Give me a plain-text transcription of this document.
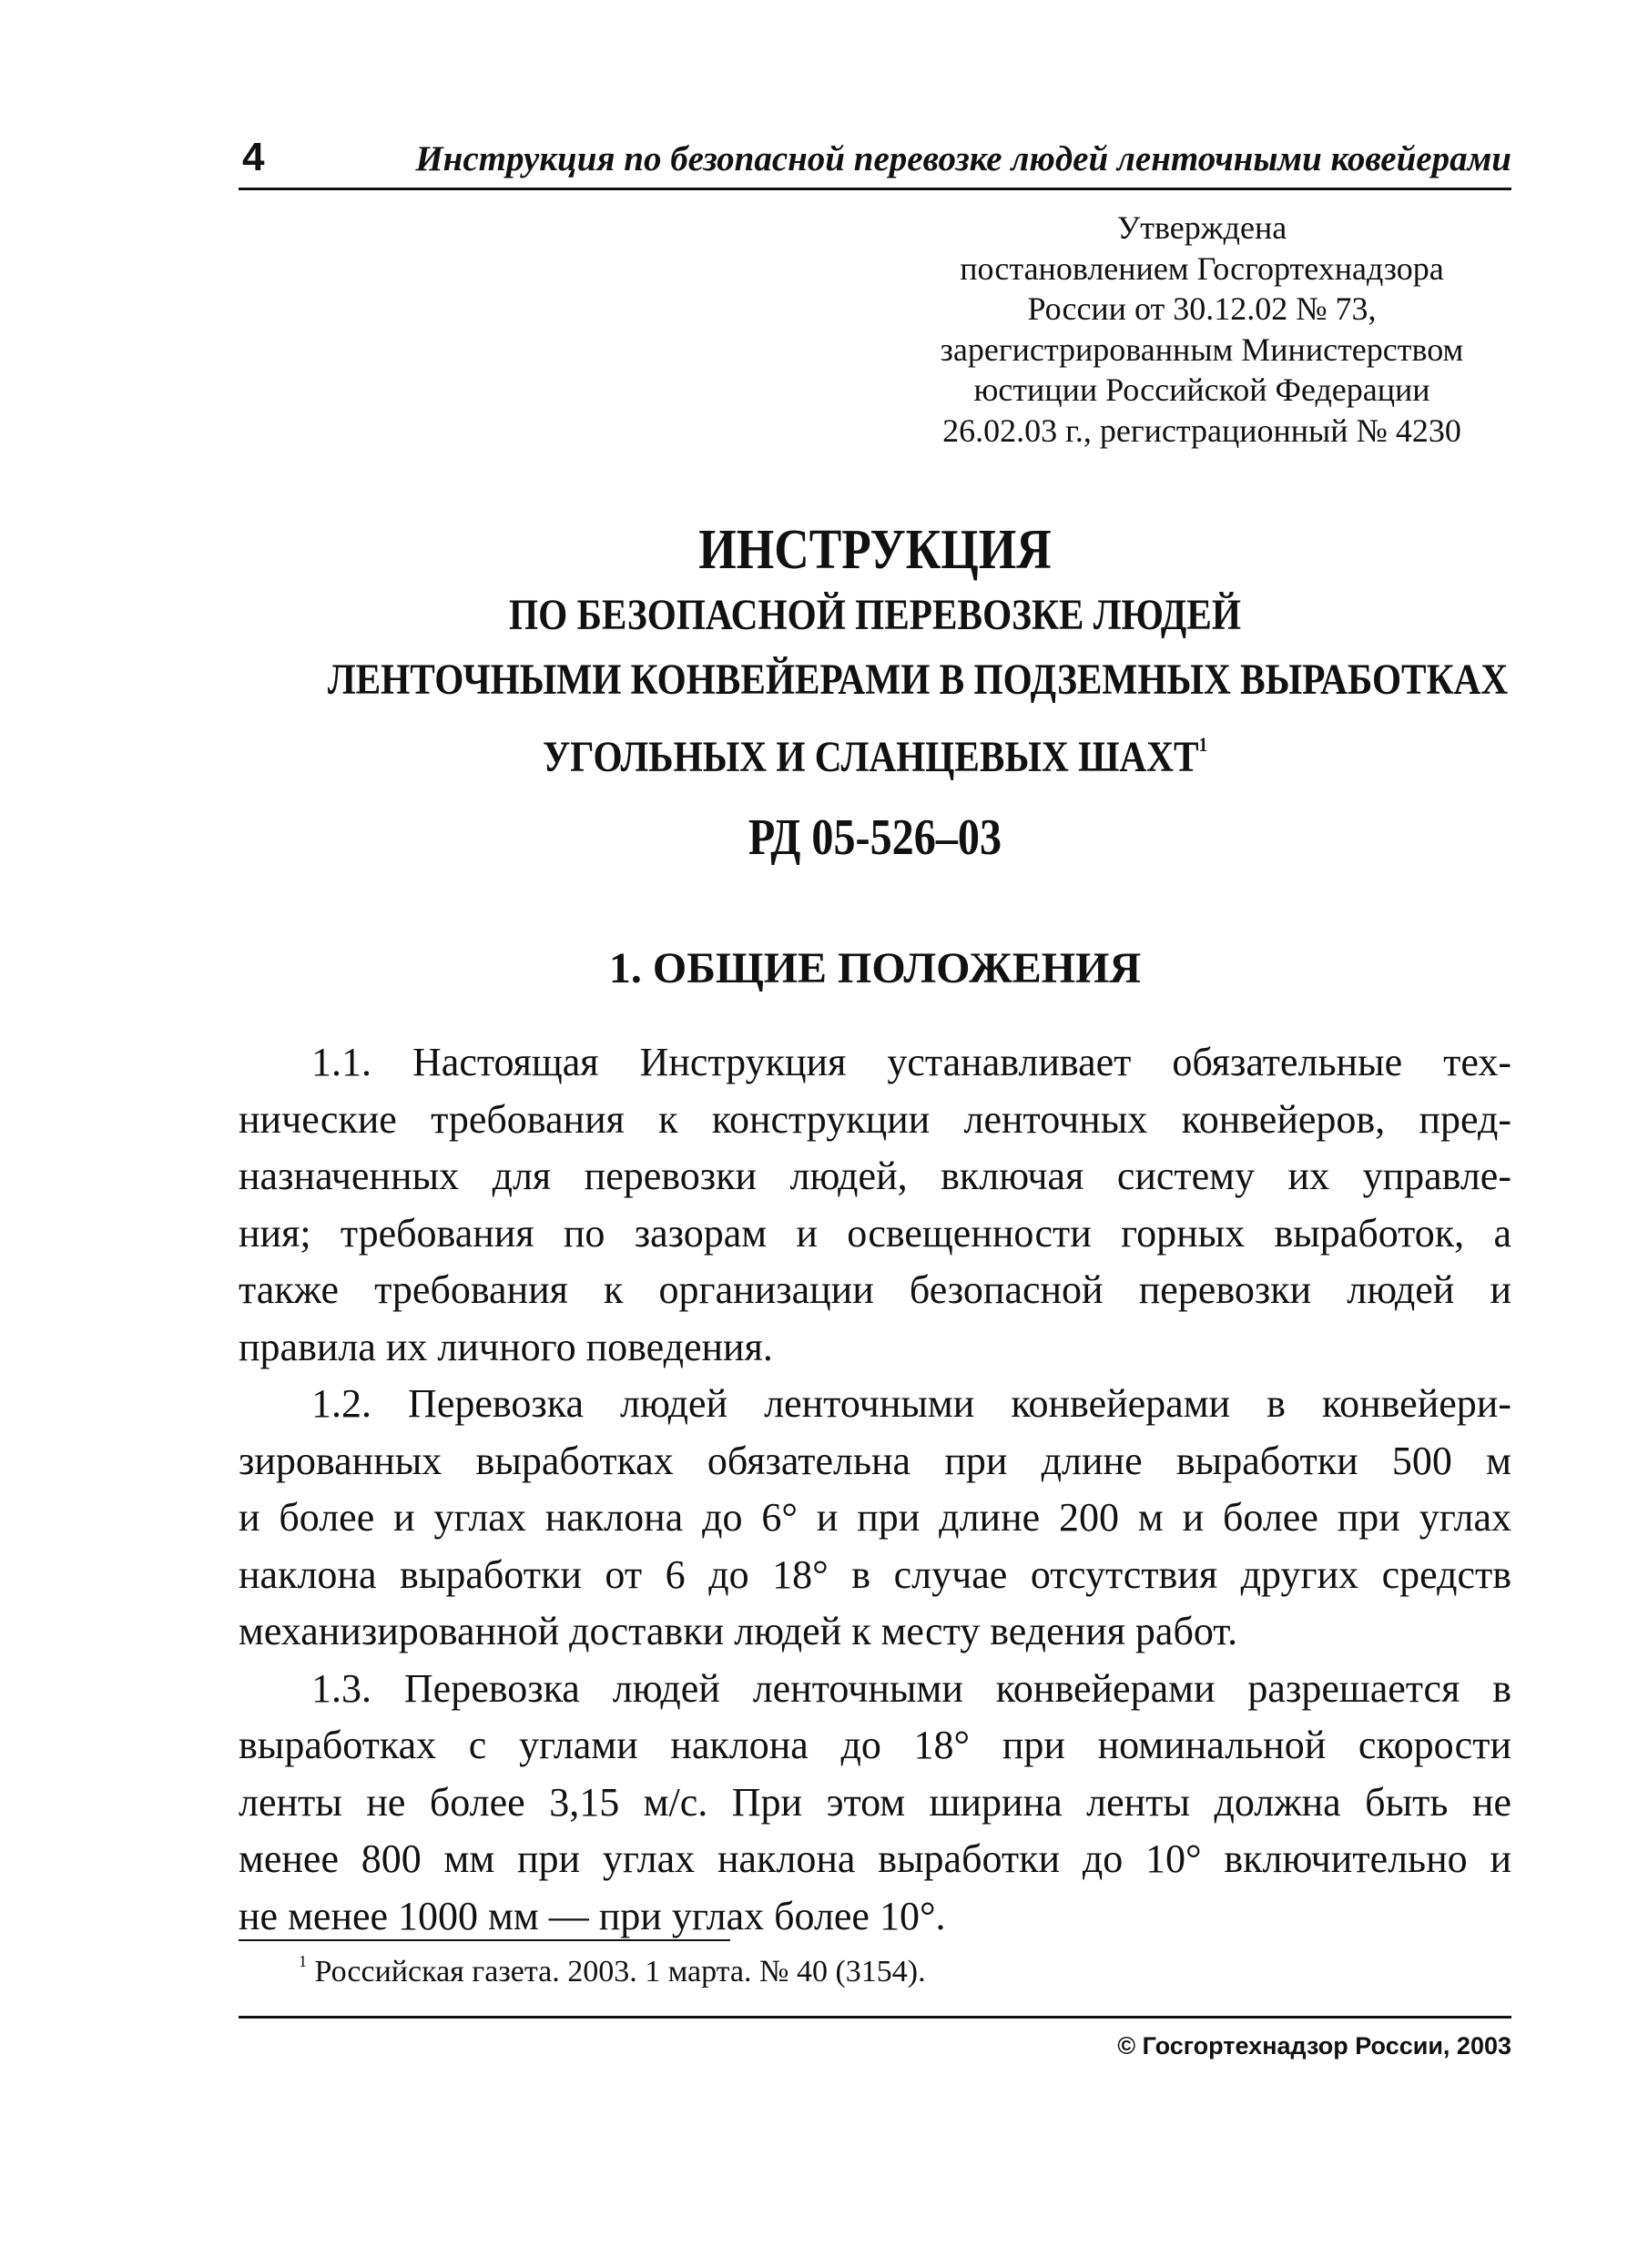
4	Инструкция по безопасной перевозке людей ленточными ковейерами
Утверждена
постановлением Госгортехнадзора
России от 30.12.02 № 73,
зарегистрированным Министерством
юстиции Российской Федерации
26.02.03 г., регистрационный № 4230
ИНСТРУКЦИЯ
ПО БЕЗОПАСНОЙ ПЕРЕВОЗКЕ ЛЮДЕЙ
ЛЕНТОЧНЫМИ КОНВЕЙЕРАМИ В ПОДЗЕМНЫХ ВЫРАБОТКАХ
УГОЛЬНЫХ И СЛАНЦЕВЫХ ШАХТ$^1$
РД 05-526–03
1. ОБЩИЕ ПОЛОЖЕНИЯ
1.1. Настоящая Инструкция устанавливает обязательные тех-
нические требования к конструкции ленточных конвейеров, пред-
назначенных для перевозки людей, включая систему их управле-
ния; требования по зазорам и освещенности горных выработок, а
также требования к организации безопасной перевозки людей и
правила их личного поведения.
1.2. Перевозка людей ленточными конвейерами в конвейери-
зированных выработках обязательна при длине выработки 500 м
и более и углах наклона до 6° и при длине 200 м и более при углах
наклона выработки от 6 до 18° в случае отсутствия других средств
механизированной доставки людей к месту ведения работ.
1.3. Перевозка людей ленточными конвейерами разрешается в
выработках с углами наклона до 18° при номинальной скорости
ленты не более 3,15 м/с. При этом ширина ленты должна быть не
менее 800 мм при углах наклона выработки до 10° включительно и
не менее 1000 мм — при углах более 10°.
$^1$ Российская газета. 2003. 1 марта. № 40 (3154).
© Госгортехнадзор России, 2003
